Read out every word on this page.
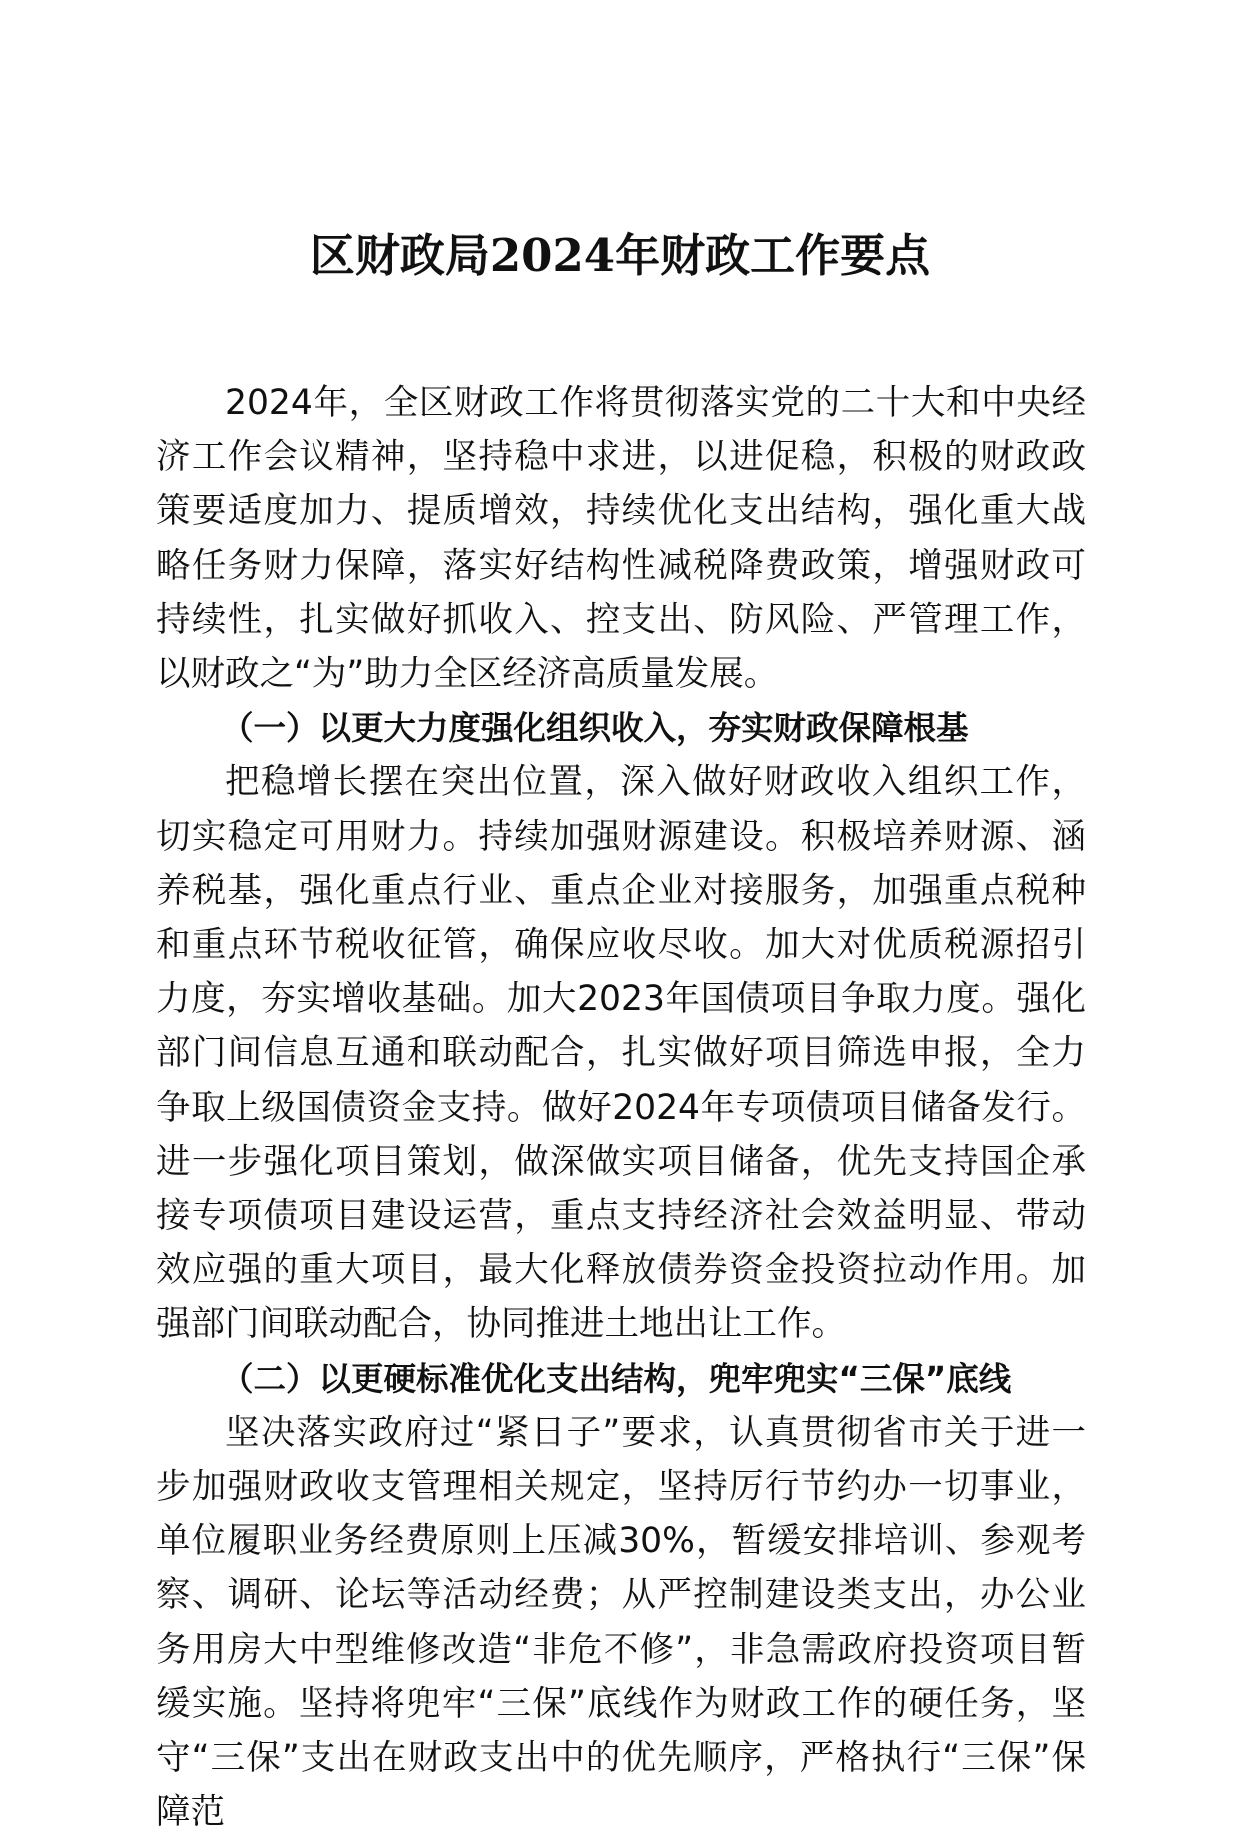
区财政局2024年财政工作要点

2024年，全区财政工作将贯彻落实党的二十大和中央经济工作会议精神，坚持稳中求进，以进促稳，积极的财政政策要适度加力、提质增效，持续优化支出结构，强化重大战略任务财力保障，落实好结构性减税降费政策，增强财政可持续性，扎实做好抓收入、控支出、防风险、严管理工作，以财政之“为”助力全区经济高质量发展。

（一）以更大力度强化组织收入，夯实财政保障根基

把稳增长摆在突出位置，深入做好财政收入组织工作，切实稳定可用财力。持续加强财源建设。积极培养财源、涵养税基，强化重点行业、重点企业对接服务，加强重点税种和重点环节税收征管，确保应收尽收。加大对优质税源招引力度，夯实增收基础。加大2023年国债项目争取力度。强化部门间信息互通和联动配合，扎实做好项目筛选申报，全力争取上级国债资金支持。做好2024年专项债项目储备发行。进一步强化项目策划，做深做实项目储备，优先支持国企承接专项债项目建设运营，重点支持经济社会效益明显、带动效应强的重大项目，最大化释放债券资金投资拉动作用。加强部门间联动配合，协同推进土地出让工作。

（二）以更硬标准优化支出结构，兜牢兜实“三保”底线

坚决落实政府过“紧日子”要求，认真贯彻省市关于进一步加强财政收支管理相关规定，坚持厉行节约办一切事业，单位履职业务经费原则上压减30%，暂缓安排培训、参观考察、调研、论坛等活动经费；从严控制建设类支出，办公业务用房大中型维修改造“非危不修”，非急需政府投资项目暂缓实施。坚持将兜牢“三保”底线作为财政工作的硬任务，坚守“三保”支出在财政支出中的优先顺序，严格执行“三保”保障范
